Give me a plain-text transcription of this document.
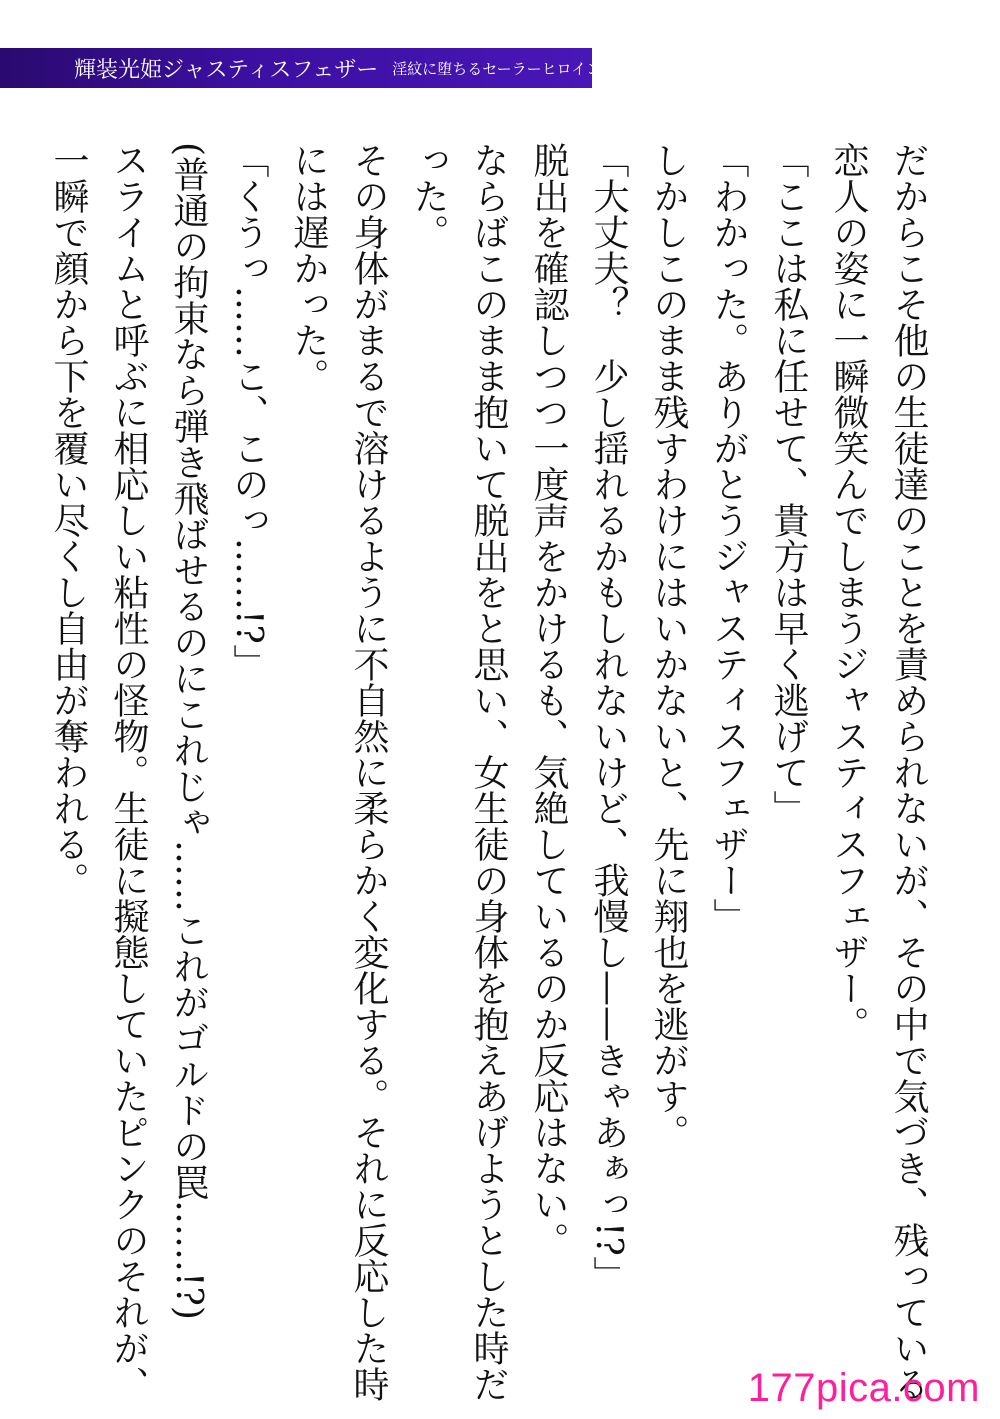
輝装光姫ジャスティスフェザー 淫紋に堕ちるセーラーヒロイン
だからこそ他の生徒達のことを責められないが、その中で気づき、残っている
恋人の姿に一瞬微笑んでしまうジャスティスフェザー。
「ここは私に任せて、貴方は早く逃げて」
「わかった。ありがとうジャスティスフェザー」
しかしこのまま残すわけにはいかないと、先に翔也を逃がす。
「大丈夫？　少し揺れるかもしれないけど、我慢し——きゃあぁっ!?」
脱出を確認しつつ一度声をかけるも、気絶しているのか反応はない。
ならばこのまま抱いて脱出をと思い、女生徒の身体を抱えあげようとした時だ
った。
その身体がまるで溶けるように不自然に柔らかく変化する。それに反応した時
には遅かった。
「くうっ……こ、このっ……!?」
(普通の拘束なら弾き飛ばせるのにこれじゃ……これがゴルドの罠……!?)
スライムと呼ぶに相応しい粘性の怪物。生徒に擬態していたピンクのそれが、
一瞬で顔から下を覆い尽くし自由が奪われる。
177pica.com
